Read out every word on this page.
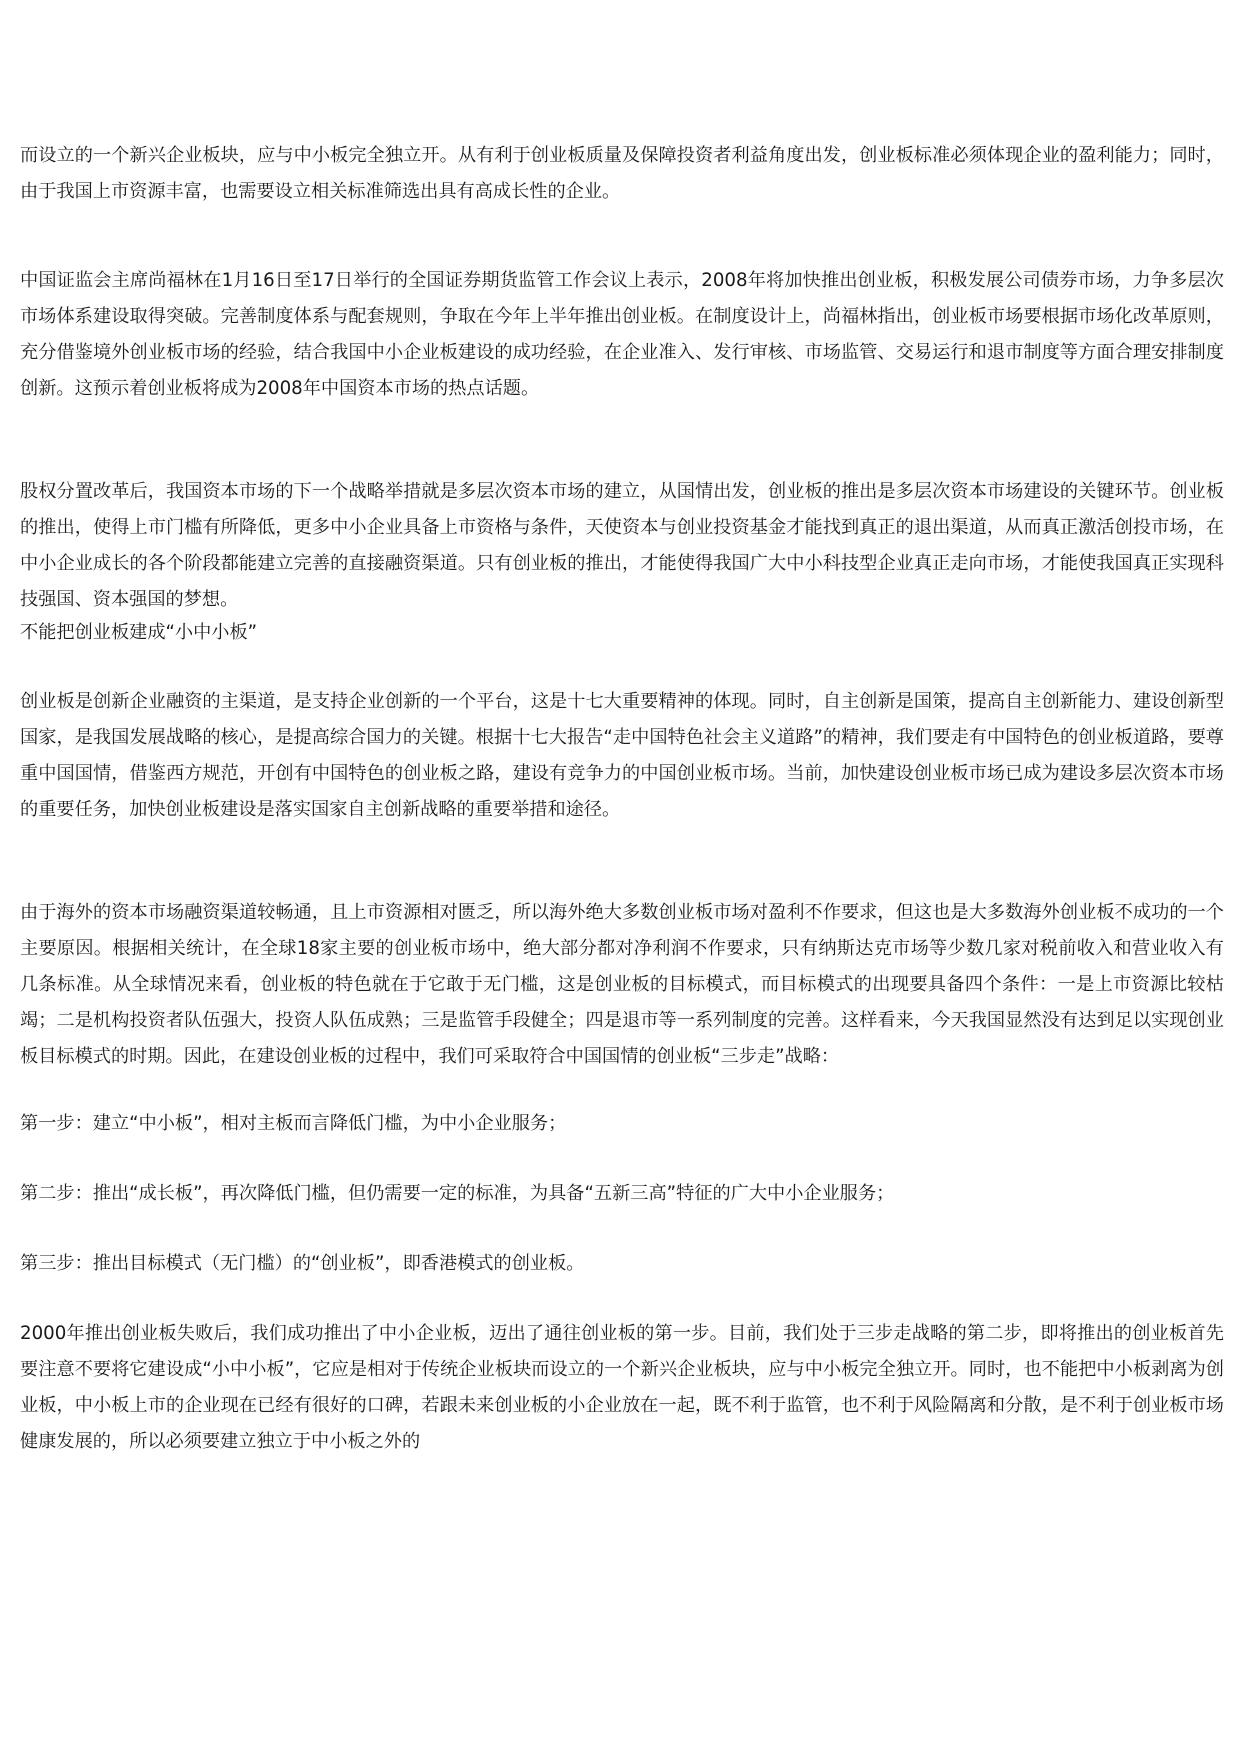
而设立的一个新兴企业板块，应与中小板完全独立开。从有利于创业板质量及保障投资者利益角度出发，创业板标准必须体现企业的盈利能力；同时，由于我国上市资源丰富，也需要设立相关标准筛选出具有高成长性的企业。

中国证监会主席尚福林在1月16日至17日举行的全国证券期货监管工作会议上表示，2008年将加快推出创业板，积极发展公司债券市场，力争多层次市场体系建设取得突破。完善制度体系与配套规则，争取在今年上半年推出创业板。在制度设计上，尚福林指出，创业板市场要根据市场化改革原则，充分借鉴境外创业板市场的经验，结合我国中小企业板建设的成功经验，在企业准入、发行审核、市场监管、交易运行和退市制度等方面合理安排制度创新。这预示着创业板将成为2008年中国资本市场的热点话题。

股权分置改革后，我国资本市场的下一个战略举措就是多层次资本市场的建立，从国情出发，创业板的推出是多层次资本市场建设的关键环节。创业板的推出，使得上市门槛有所降低，更多中小企业具备上市资格与条件，天使资本与创业投资基金才能找到真正的退出渠道，从而真正激活创投市场，在中小企业成长的各个阶段都能建立完善的直接融资渠道。只有创业板的推出，才能使得我国广大中小科技型企业真正走向市场，才能使我国真正实现科技强国、资本强国的梦想。

不能把创业板建成“小中小板”

创业板是创新企业融资的主渠道，是支持企业创新的一个平台，这是十七大重要精神的体现。同时，自主创新是国策，提高自主创新能力、建设创新型国家，是我国发展战略的核心，是提高综合国力的关键。根据十七大报告“走中国特色社会主义道路”的精神，我们要走有中国特色的创业板道路，要尊重中国国情，借鉴西方规范，开创有中国特色的创业板之路，建设有竞争力的中国创业板市场。当前，加快建设创业板市场已成为建设多层次资本市场的重要任务，加快创业板建设是落实国家自主创新战略的重要举措和途径。

由于海外的资本市场融资渠道较畅通，且上市资源相对匮乏，所以海外绝大多数创业板市场对盈利不作要求，但这也是大多数海外创业板不成功的一个主要原因。根据相关统计，在全球18家主要的创业板市场中，绝大部分都对净利润不作要求，只有纳斯达克市场等少数几家对税前收入和营业收入有几条标准。从全球情况来看，创业板的特色就在于它敢于无门槛，这是创业板的目标模式，而目标模式的出现要具备四个条件：一是上市资源比较枯竭；二是机构投资者队伍强大，投资人队伍成熟；三是监管手段健全；四是退市等一系列制度的完善。这样看来，今天我国显然没有达到足以实现创业板目标模式的时期。因此，在建设创业板的过程中，我们可采取符合中国国情的创业板“三步走”战略：

第一步：建立“中小板”，相对主板而言降低门槛，为中小企业服务；

第二步：推出“成长板”，再次降低门槛，但仍需要一定的标准，为具备“五新三高”特征的广大中小企业服务；

第三步：推出目标模式（无门槛）的“创业板”，即香港模式的创业板。

2000年推出创业板失败后，我们成功推出了中小企业板，迈出了通往创业板的第一步。目前，我们处于三步走战略的第二步，即将推出的创业板首先要注意不要将它建设成“小中小板”，它应是相对于传统企业板块而设立的一个新兴企业板块，应与中小板完全独立开。同时，也不能把中小板剥离为创业板，中小板上市的企业现在已经有很好的口碑，若跟未来创业板的小企业放在一起，既不利于监管，也不利于风险隔离和分散，是不利于创业板市场健康发展的，所以必须要建立独立于中小板之外的
